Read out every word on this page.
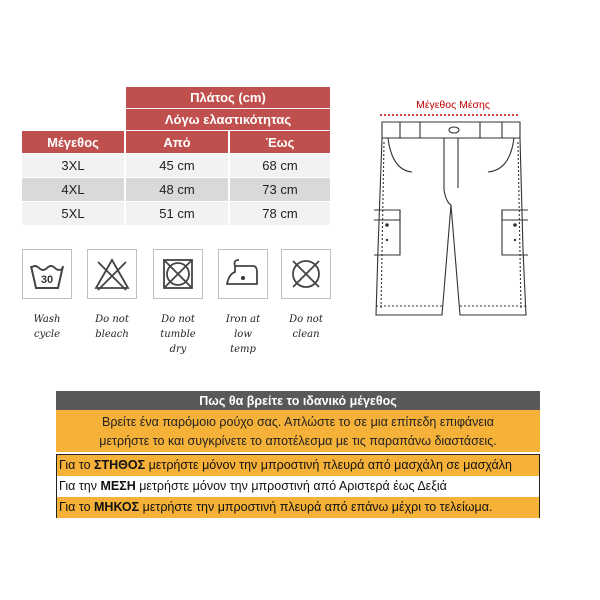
Πλάτος (cm)
Λόγω ελαστικότητας
Μέγεθος	Από	Έως
3XL	45 cm	68 cm
4XL	48 cm	73 cm
5XL	51 cm	78 cm
Μέγεθος Μέσης
30
Wash
cycle
Do not
bleach
Do not
tumble
dry
Iron at
low
temp
Do not
clean
Πως θα βρείτε το ιδανικό μέγεθος
Βρείτε ένα παρόμοιο ρούχο σας. Απλώστε το σε μια επίπεδη επιφάνεια
μετρήστε το και συγκρίνετε το αποτέλεσμα με τις παραπάνω διαστάσεις.
Για το ΣΤΗΘΟΣ μετρήστε μόνον την μπροστινή πλευρά από μασχάλη σε μασχάλη
Για την ΜΕΣΗ μετρήστε μόνον την μπροστινή από Αριστερά έως Δεξιά
Για το ΜΗΚΟΣ μετρήστε την μπροστινή πλευρά από επάνω μέχρι το τελείωμα.
